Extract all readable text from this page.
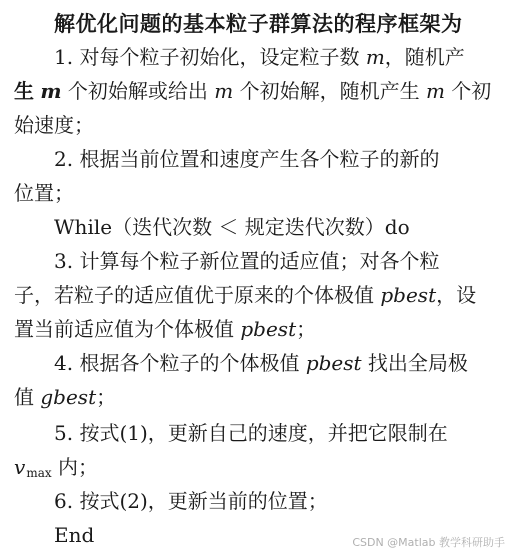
解优化问题的基本粒子群算法的程序框架为
1. 对每个粒子初始化，设定粒子数 m，随机产
生 m 个初始解或给出 m 个初始解，随机产生 m 个初
始速度；
2. 根据当前位置和速度产生各个粒子的新的
位置；
While（迭代次数 ＜ 规定迭代次数）do
3. 计算每个粒子新位置的适应值；对各个粒
子，若粒子的适应值优于原来的个体极值 pbest，设
置当前适应值为个体极值 pbest；
4. 根据各个粒子的个体极值 pbest 找出全局极
值 gbest；
5. 按式(1)，更新自己的速度，并把它限制在
$v_{max}$ 内；
6. 按式(2)，更新当前的位置；
End	CSDN @Matlab 教学科研助手
